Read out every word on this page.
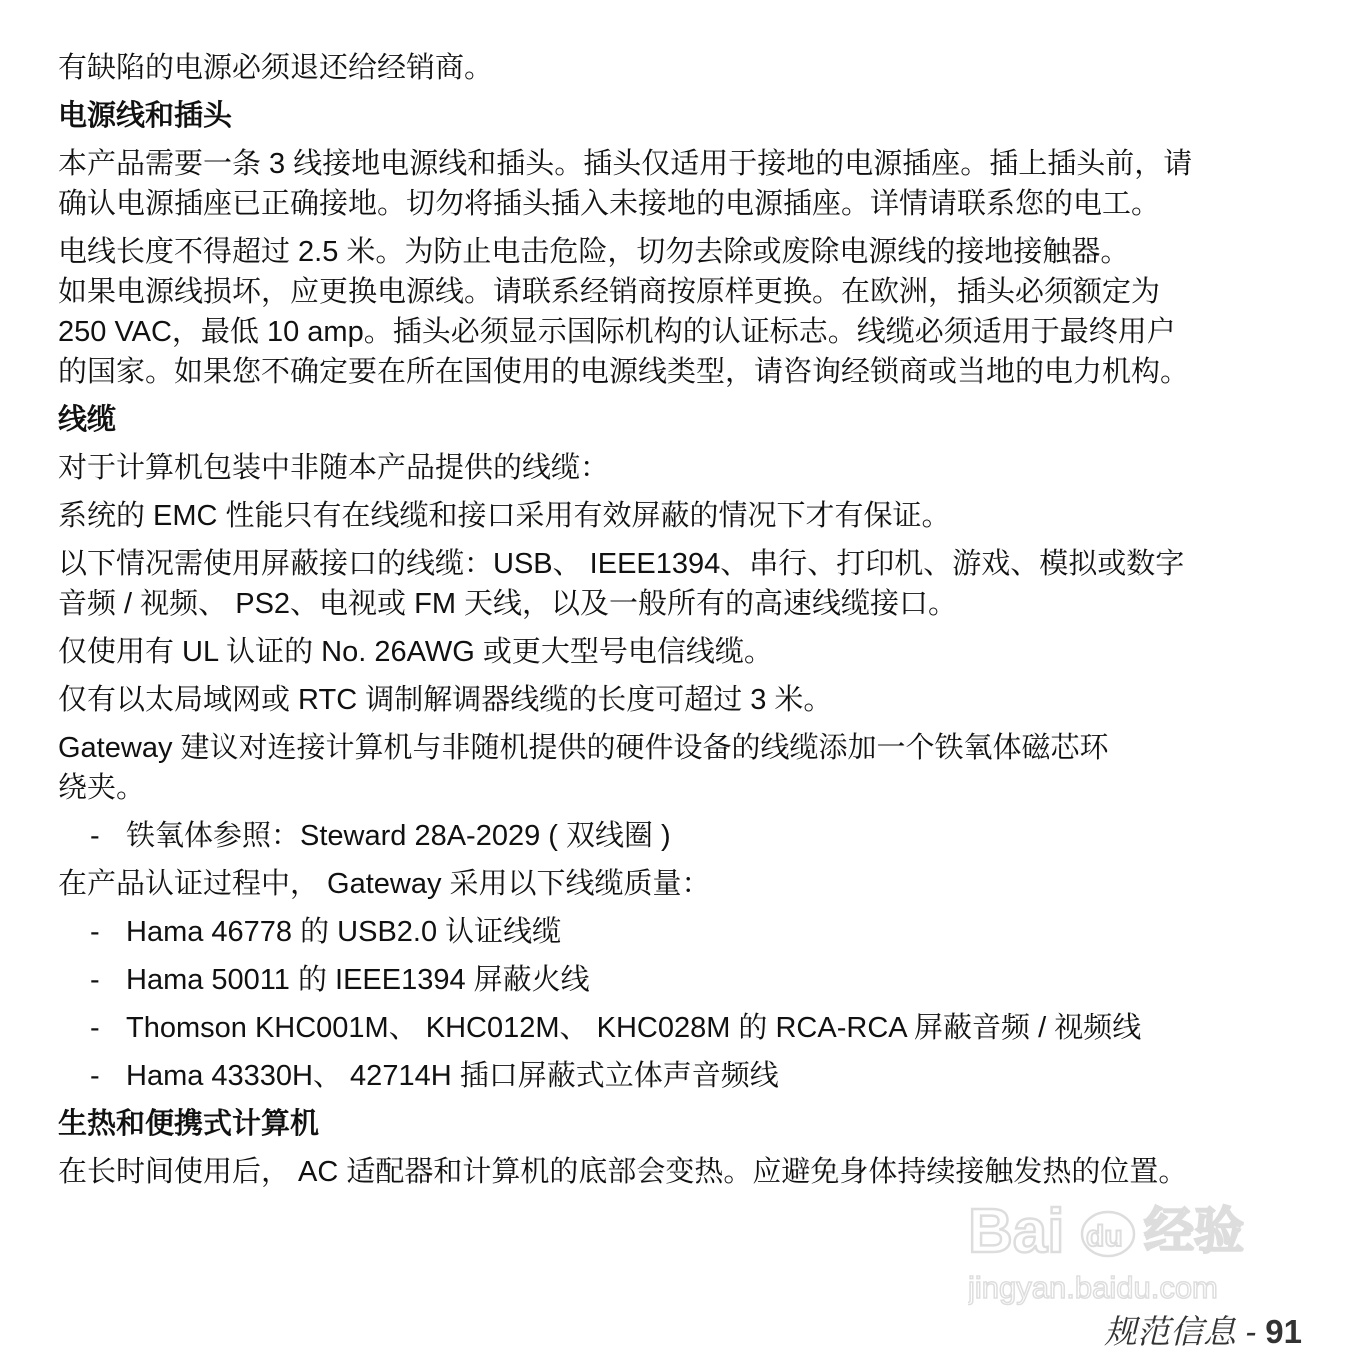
有缺陷的电源必须退还给经销商。

电源线和插头

本产品需要一条 3 线接地电源线和插头。插头仅适用于接地的电源插座。插上插头前，请
确认电源插座已正确接地。切勿将插头插入未接地的电源插座。详情请联系您的电工。

电线长度不得超过 2.5 米。为防止电击危险，切勿去除或废除电源线的接地接触器。

如果电源线损坏，应更换电源线。请联系经销商按原样更换。在欧洲，插头必须额定为
250 VAC，最低 10 amp。插头必须显示国际机构的认证标志。线缆必须适用于最终用户
的国家。如果您不确定要在所在国使用的电源线类型，请咨询经锁商或当地的电力机构。

线缆

对于计算机包装中非随本产品提供的线缆：

系统的 EMC 性能只有在线缆和接口采用有效屏蔽的情况下才有保证。

以下情况需使用屏蔽接口的线缆：USB、 IEEE1394、串行、打印机、游戏、模拟或数字
音频 / 视频、 PS2、电视或 FM 天线，以及一般所有的高速线缆接口。

仅使用有 UL 认证的 No. 26AWG 或更大型号电信线缆。

仅有以太局域网或 RTC 调制解调器线缆的长度可超过 3 米。

Gateway 建议对连接计算机与非随机提供的硬件设备的线缆添加一个铁氧体磁芯环
绕夹。

- 铁氧体参照：Steward 28A-2029 ( 双线圈 )

在产品认证过程中， Gateway 采用以下线缆质量：

- Hama 46778 的 USB2.0 认证线缆

- Hama 50011 的 IEEE1394 屏蔽火线

- Thomson KHC001M、 KHC012M、 KHC028M 的 RCA-RCA 屏蔽音频 / 视频线

- Hama 43330H、 42714H 插口屏蔽式立体声音频线

生热和便携式计算机

在长时间使用后， AC 适配器和计算机的底部会变热。应避免身体持续接触发热的位置。

Bai du 经验
jingyan.baidu.com
规范信息 - 91
